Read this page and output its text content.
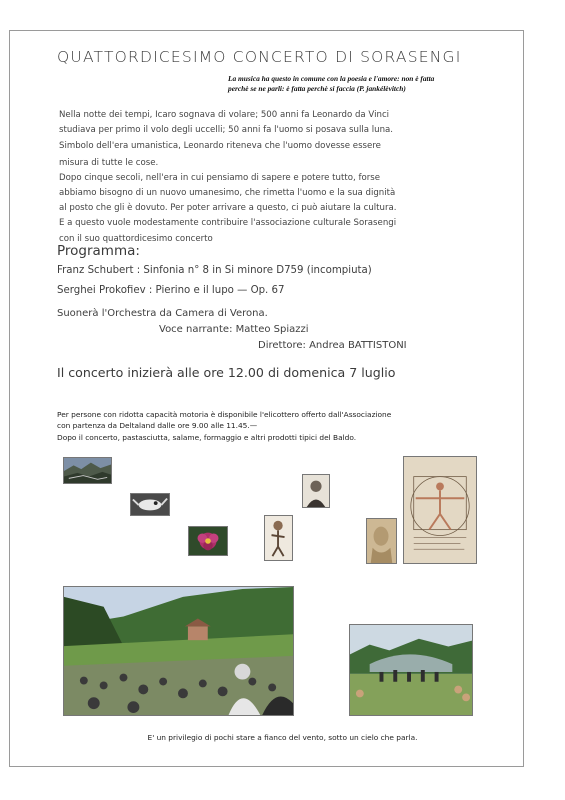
QUATTORDICESIMO CONCERTO DI SORASENGI
La musica ha questo in comune con la poesia e l'amore: non è fatta
perchè se ne parli: è fatta perchè si faccia (P. jankélèvitch)

Nella notte dei tempi, Icaro sognava di volare; 500 anni fa Leonardo da Vinci

studiava per primo il volo degli uccelli; 50 anni fa l'uomo si posava sulla luna.

Simbolo dell'era umanistica, Leonardo riteneva che l'uomo dovesse essere

misura di tutte le cose.

Dopo cinque secoli, nell'era in cui pensiamo di sapere e potere tutto, forse

abbiamo bisogno di un nuovo umanesimo, che rimetta l'uomo e la sua dignità

al posto che gli è dovuto. Per poter arrivare a questo, ci può aiutare la cultura.

E a questo vuole modestamente contribuire l'associazione culturale Sorasengi

con il suo quattordicesimo concerto

Programma:
Franz Schubert : Sinfonia n° 8 in Si minore D759 (incompiuta)
Serghei Prokofiev : Pierino e il lupo — Op. 67
Suonerà l'Orchestra da Camera di Verona.
Voce narrante: Matteo Spiazzi
Direttore: Andrea BATTISTONI
Il concerto inizierà alle ore 12.00 di domenica 7 luglio

Per persone con ridotta capacità motoria è disponibile l'elicottero offerto dall'Associazione

con partenza da Deltaland dalle ore 9.00 alle 11.45.—

Dopo il concerto, pastasciutta, salame, formaggio e altri prodotti tipici del Baldo.

E' un privilegio di pochi stare a fianco del vento, sotto un cielo che parla.
